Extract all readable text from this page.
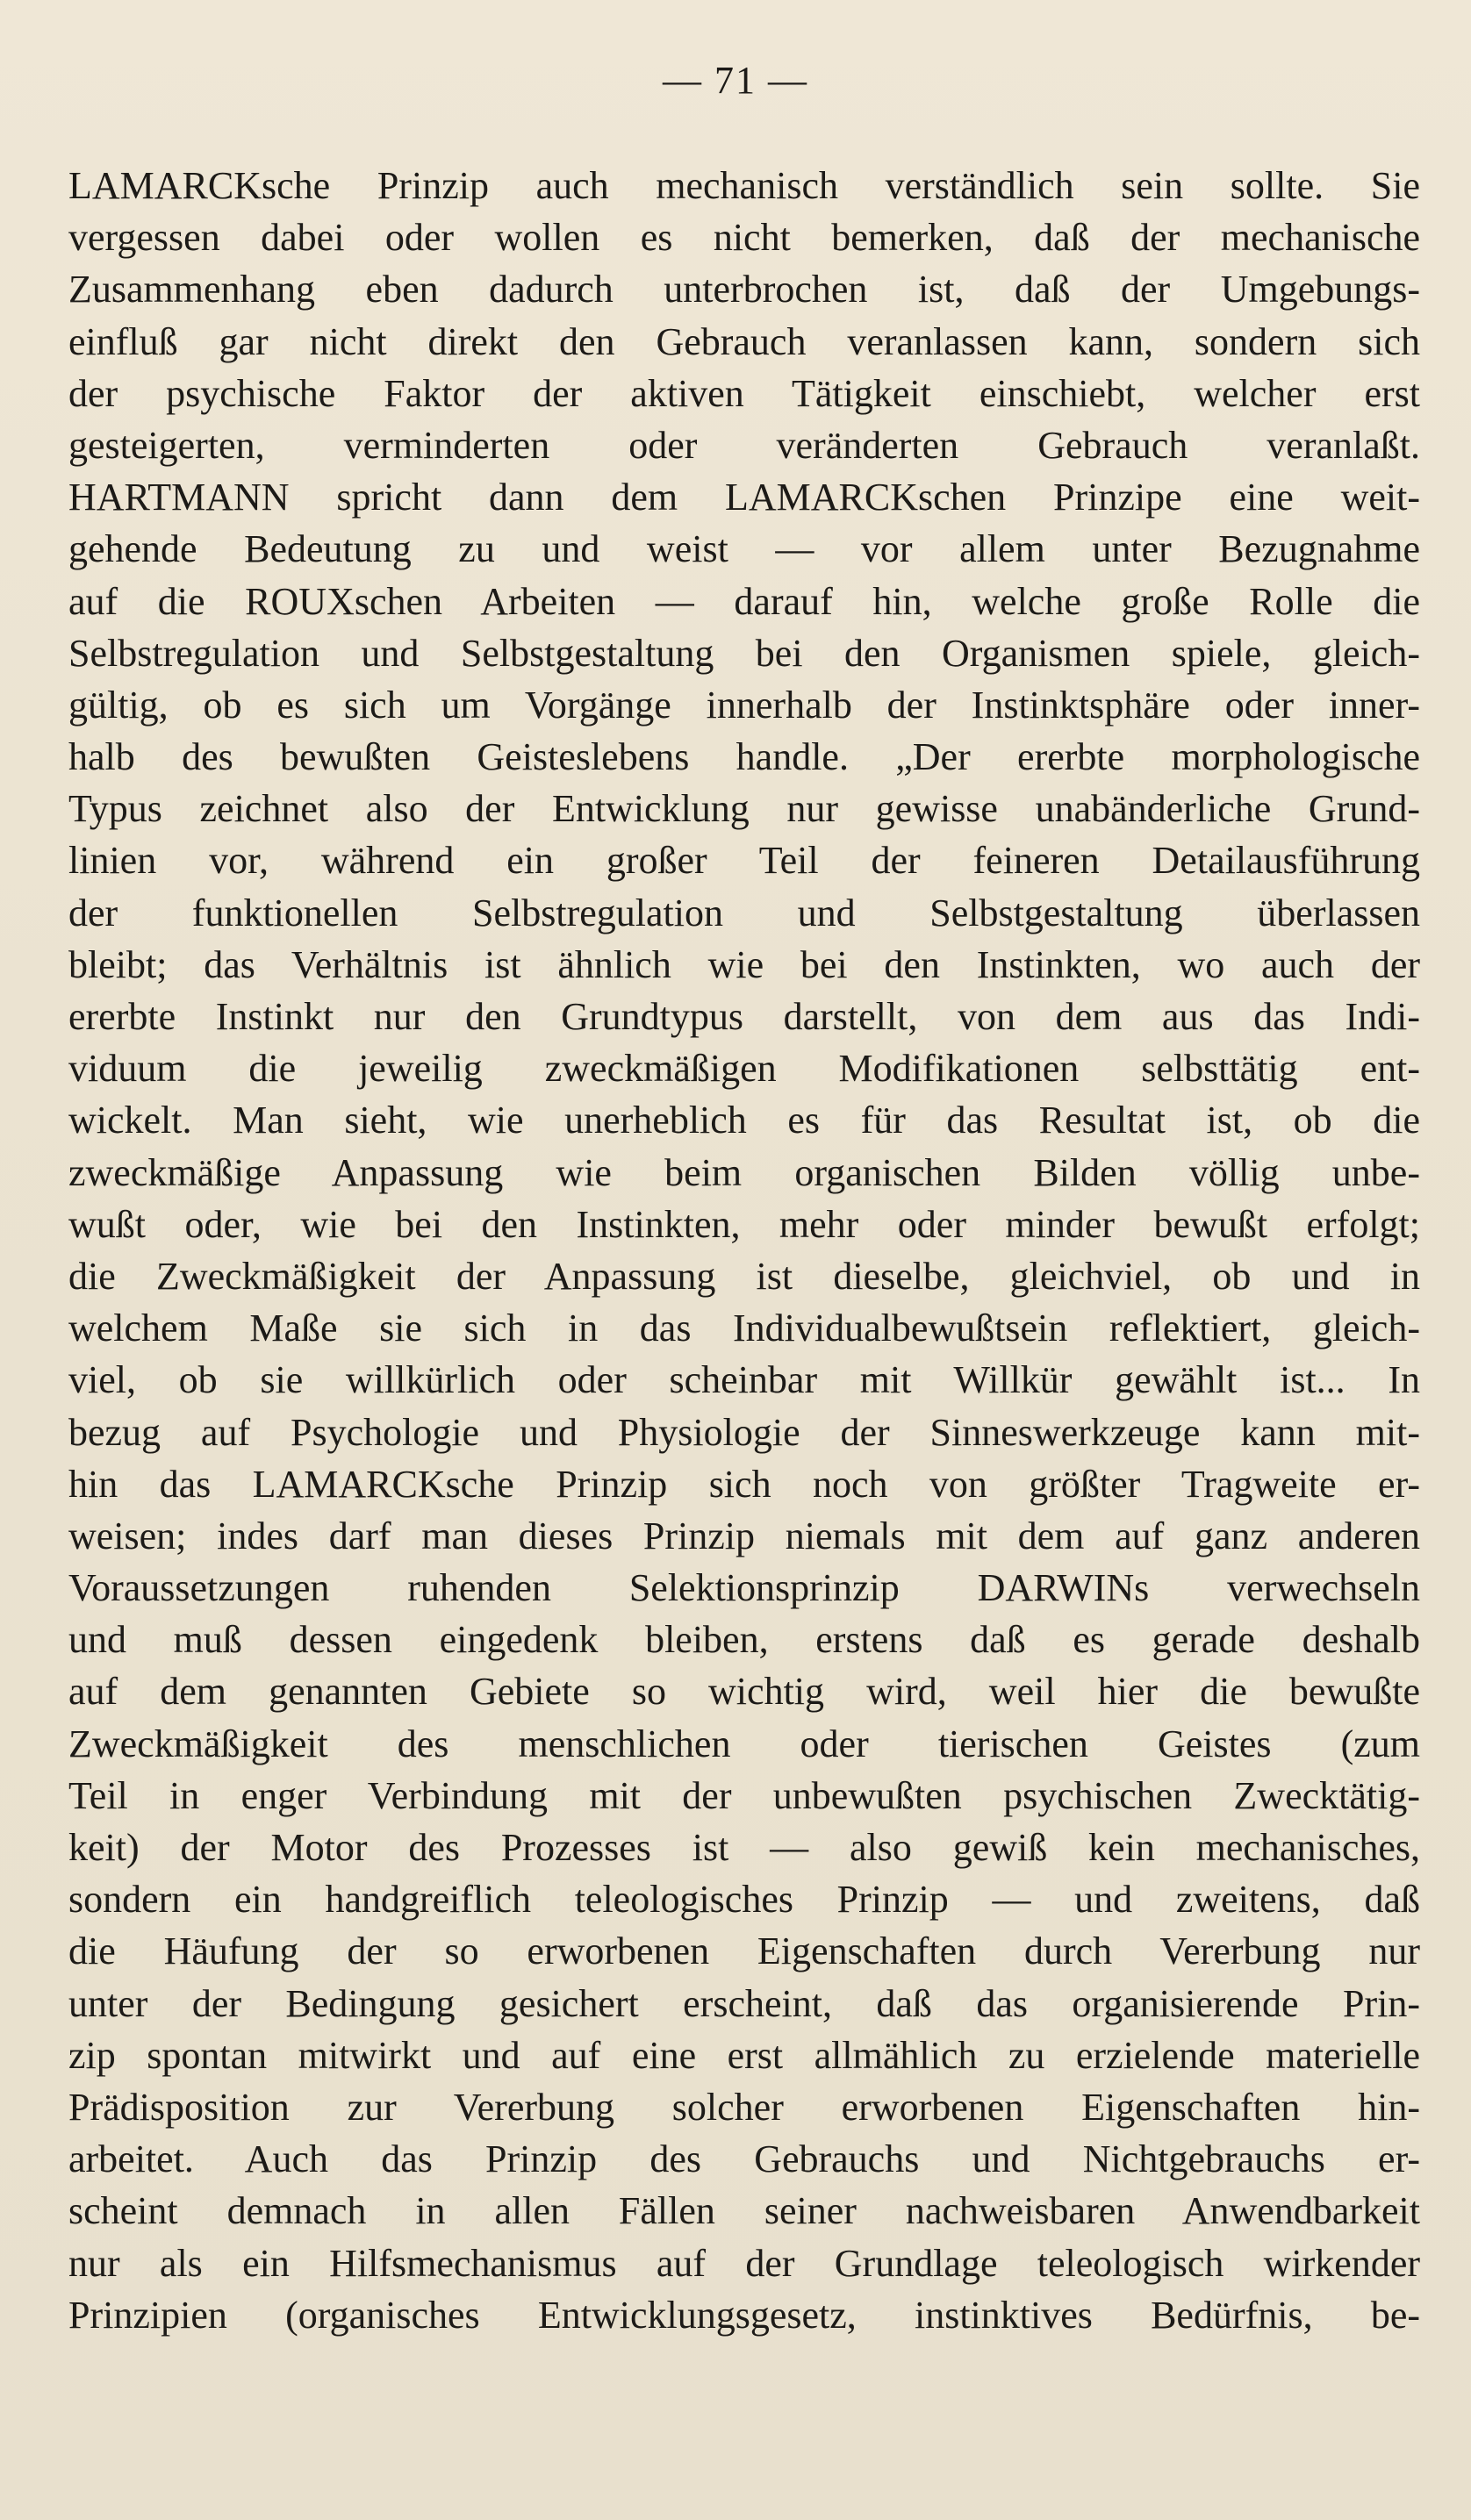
— 71 —
LAMARCKsche Prinzip auch mechanisch verständlich sein sollte. Sie
vergessen dabei oder wollen es nicht bemerken, daß der mechanische
Zusammenhang eben dadurch unterbrochen ist, daß der Umgebungs-
einfluß gar nicht direkt den Gebrauch veranlassen kann, sondern sich
der psychische Faktor der aktiven Tätigkeit einschiebt, welcher erst
gesteigerten, verminderten oder veränderten Gebrauch veranlaßt.
HARTMANN spricht dann dem LAMARCKschen Prinzipe eine weit-
gehende Bedeutung zu und weist — vor allem unter Bezugnahme
auf die ROUXschen Arbeiten — darauf hin, welche große Rolle die
Selbstregulation und Selbstgestaltung bei den Organismen spiele, gleich-
gültig, ob es sich um Vorgänge innerhalb der Instinktsphäre oder inner-
halb des bewußten Geisteslebens handle. „Der ererbte morphologische
Typus zeichnet also der Entwicklung nur gewisse unabänderliche Grund-
linien vor, während ein großer Teil der feineren Detailausführung
der funktionellen Selbstregulation und Selbstgestaltung überlassen
bleibt; das Verhältnis ist ähnlich wie bei den Instinkten, wo auch der
ererbte Instinkt nur den Grundtypus darstellt, von dem aus das Indi-
viduum die jeweilig zweckmäßigen Modifikationen selbsttätig ent-
wickelt. Man sieht, wie unerheblich es für das Resultat ist, ob die
zweckmäßige Anpassung wie beim organischen Bilden völlig unbe-
wußt oder, wie bei den Instinkten, mehr oder minder bewußt erfolgt;
die Zweckmäßigkeit der Anpassung ist dieselbe, gleichviel, ob und in
welchem Maße sie sich in das Individualbewußtsein reflektiert, gleich-
viel, ob sie willkürlich oder scheinbar mit Willkür gewählt ist... In
bezug auf Psychologie und Physiologie der Sinneswerkzeuge kann mit-
hin das LAMARCKsche Prinzip sich noch von größter Tragweite er-
weisen; indes darf man dieses Prinzip niemals mit dem auf ganz anderen
Voraussetzungen ruhenden Selektionsprinzip DARWINs verwechseln
und muß dessen eingedenk bleiben, erstens daß es gerade deshalb
auf dem genannten Gebiete so wichtig wird, weil hier die bewußte
Zweckmäßigkeit des menschlichen oder tierischen Geistes (zum
Teil in enger Verbindung mit der unbewußten psychischen Zwecktätig-
keit) der Motor des Prozesses ist — also gewiß kein mechanisches,
sondern ein handgreiflich teleologisches Prinzip — und zweitens, daß
die Häufung der so erworbenen Eigenschaften durch Vererbung nur
unter der Bedingung gesichert erscheint, daß das organisierende Prin-
zip spontan mitwirkt und auf eine erst allmählich zu erzielende materielle
Prädisposition zur Vererbung solcher erworbenen Eigenschaften hin-
arbeitet. Auch das Prinzip des Gebrauchs und Nichtgebrauchs er-
scheint demnach in allen Fällen seiner nachweisbaren Anwendbarkeit
nur als ein Hilfsmechanismus auf der Grundlage teleologisch wirkender
Prinzipien (organisches Entwicklungsgesetz, instinktives Bedürfnis, be-
